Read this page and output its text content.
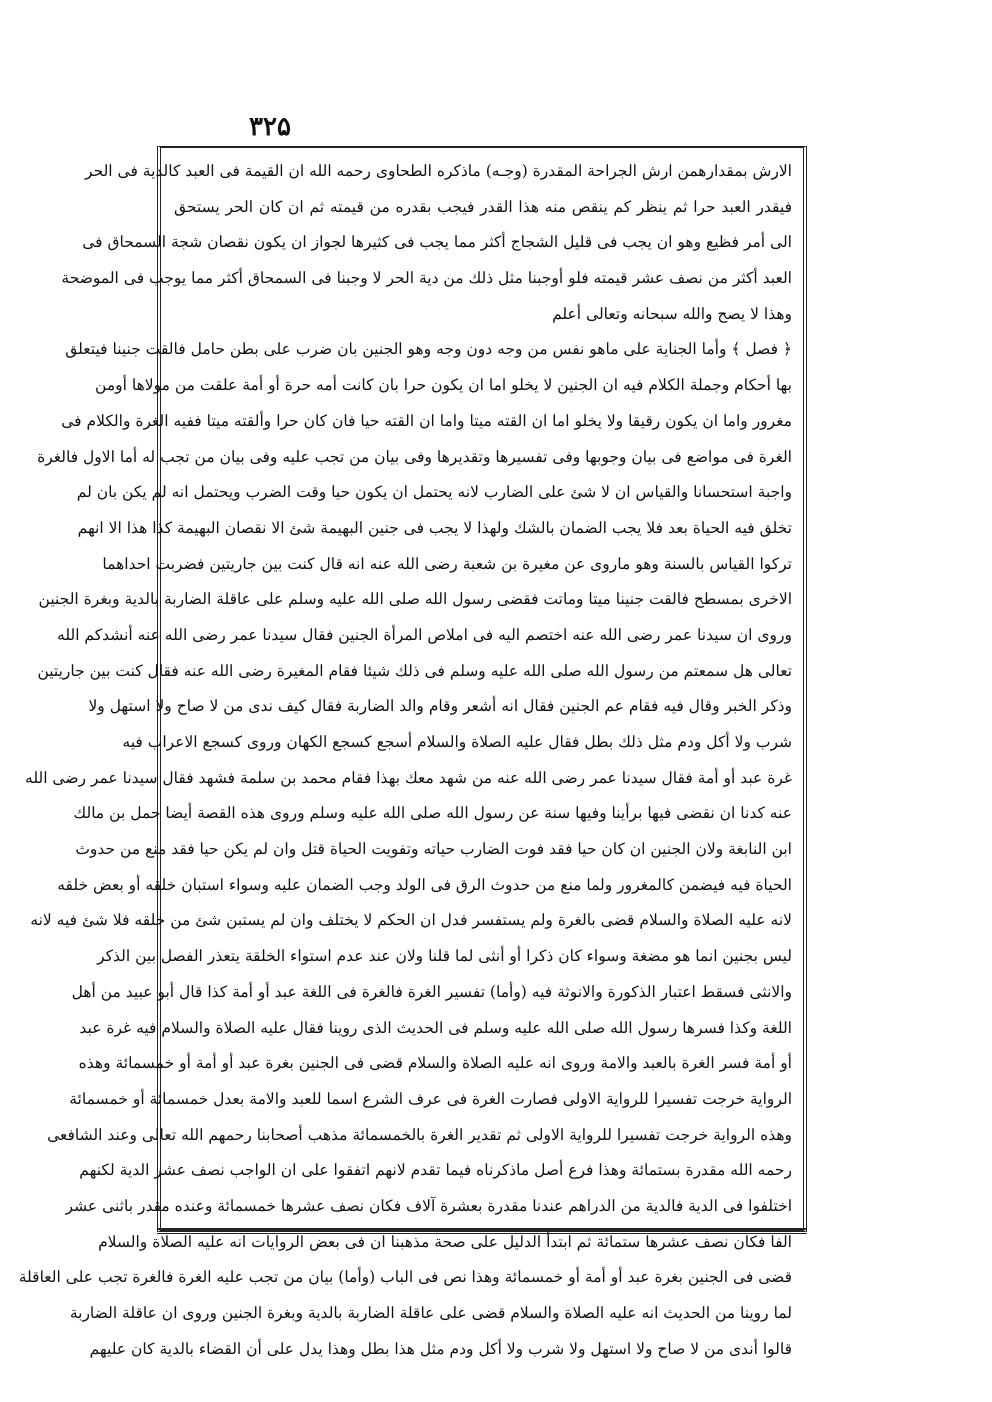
۳۲۵
الارش بمقدارهمن ارش الجراحة المقدرة (وجـه) ماذكره الطحاوى رحمه الله ان القيمة فى العبد كالدية فى الحر
فيقدر العبد حرا ثم ينظر كم ينقص منه هذا القدر فيجب بقدره من قيمته ثم ان كان الحر يستحق
الى أمر فظيع وهو ان يجب فى قليل الشجاج أكثر مما يجب فى كثيرها لجواز ان يكون نقصان شجة السمحاق فى
العبد أكثر من نصف عشر قيمته فلو أوجبنا مثل ذلك من دية الحر لا وجبنا فى السمحاق أكثر مما يوجب فى الموضحة
وهذا لا يصح والله سبحانه وتعالى أعلم
﴿ فصل ﴾ وأما الجناية على ماهو نفس من وجه دون وجه وهو الجنين بان ضرب على بطن حامل فالقت جنينا فيتعلق
بها أحكام وجملة الكلام فيه ان الجنين لا يخلو اما ان يكون حرا بان كانت أمه حرة أو أمة علقت من مولاها أومن
مغرور واما ان يكون رقيقا ولا يخلو اما ان القته ميتا واما ان القته حيا فان كان حرا وألقته ميتا ففيه الغرة والكلام فى
الغرة فى مواضع فى بيان وجوبها وفى تفسيرها وتقديرها وفى بيان من تجب عليه وفى بيان من تجب له أما الاول فالغرة
واجبة استحسانا والقياس ان لا شئ على الضارب لانه يحتمل ان يكون حيا وقت الضرب ويحتمل انه لم يكن بان لم
تخلق فيه الحياة بعد فلا يجب الضمان بالشك ولهذا لا يجب فى جنين البهيمة شئ الا نقصان البهيمة كذا هذا الا انهم
تركوا القياس بالسنة وهو ماروى عن مغيرة بن شعبة رضى الله عنه انه قال كنت بين جاريتين فضربت احداهما
الاخرى بمسطح فالقت جنينا ميتا وماتت فقضى رسول الله صلى الله عليه وسلم على عاقلة الضاربة بالدية وبغرة الجنين
وروى ان سيدنا عمر رضى الله عنه اختصم اليه فى املاص المرأة الجنين فقال سيدنا عمر رضى الله عنه أنشدكم الله
تعالى هل سمعتم من رسول الله صلى الله عليه وسلم فى ذلك شيئا فقام المغيرة رضى الله عنه فقال كنت بين جاريتين
وذكر الخبر وقال فيه فقام عم الجنين فقال انه أشعر وقام والد الضاربة فقال كيف ندى من لا صاح ولا استهل ولا
شرب ولا أكل ودم مثل ذلك بطل فقال عليه الصلاة والسلام أسجع كسجع الكهان وروى كسجع الاعراب فيه
غرة عبد أو أمة فقال سيدنا عمر رضى الله عنه من شهد معك بهذا فقام محمد بن سلمة فشهد فقال سيدنا عمر رضى الله
عنه كدنا ان نقضى فيها برأينا وفيها سنة عن رسول الله صلى الله عليه وسلم وروى هذه القصة أيضا حمل بن مالك
ابن النابغة ولان الجنين ان كان حيا فقد فوت الضارب حياته وتفويت الحياة قتل وان لم يكن حيا فقد منع من حدوث
الحياة فيه فيضمن كالمغرور ولما منع من حدوث الرق فى الولد وجب الضمان عليه وسواء استبان خلقه أو بعض خلقه
لانه عليه الصلاة والسلام قضى بالغرة ولم يستفسر فدل ان الحكم لا يختلف وان لم يستبن شئ من خلقه فلا شئ فيه لانه
ليس بجنين انما هو مضغة وسواء كان ذكرا أو أنثى لما قلنا ولان عند عدم استواء الخلقة يتعذر الفصل بين الذكر
والانثى فسقط اعتبار الذكورة والانوثة فيه (وأما) تفسير الغرة فالغرة فى اللغة عبد أو أمة كذا قال أبو عبيد من أهل
اللغة وكذا فسرها رسول الله صلى الله عليه وسلم فى الحديث الذى روينا فقال عليه الصلاة والسلام فيه غرة عبد
أو أمة فسر الغرة بالعبد والامة وروى انه عليه الصلاة والسلام قضى فى الجنين بغرة عبد أو أمة أو خمسمائة وهذه
الرواية خرجت تفسيرا للرواية الاولى فصارت الغرة فى عرف الشرع اسما للعبد والامة بعدل خمسمائة أو خمسمائة
وهذه الرواية خرجت تفسيرا للرواية الاولى ثم تقدير الغرة بالخمسمائة مذهب أصحابنا رحمهم الله تعالى وعند الشافعى
رحمه الله مقدرة بستمائة وهذا فرع أصل ماذكرناه فيما تقدم لانهم اتفقوا على ان الواجب نصف عشر الدية لكنهم
اختلفوا فى الدية فالدية من الدراهم عندنا مقدرة بعشرة آلاف فكان نصف عشرها خمسمائة وعنده مقدر باثنى عشر
الفا فكان نصف عشرها ستمائة ثم ابتدأ الدليل على صحة مذهبنا ان فى بعض الروايات انه عليه الصلاة والسلام
قضى فى الجنين بغرة عبد أو أمة أو خمسمائة وهذا نص فى الباب (وأما) بيان من تجب عليه الغرة فالغرة تجب على العاقلة
لما روينا من الحديث انه عليه الصلاة والسلام قضى على عاقلة الضاربة بالدية وبغرة الجنين وروى ان عاقلة الضاربة
قالوا أندى من لا صاح ولا استهل ولا شرب ولا أكل ودم مثل هذا بطل وهذا يدل على أن القضاء بالدية كان عليهم
